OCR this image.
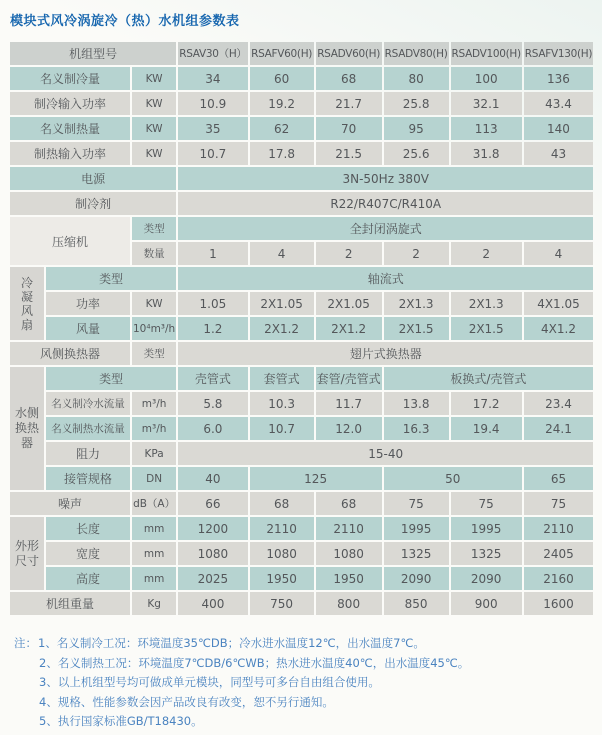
模块式风冷涡旋冷（热）水机组参数表
机组型号			RSAV30（H）	RSAFV60(H)	RSADV60(H)	RSADV80(H)	RSADV100(H)	RSAFV130(H)
名义制冷量		KW	34	60	68	80	100	136
制冷输入功率		KW	10.9	19.2	21.7	25.8	32.1	43.4
名义制热量		KW	35	62	70	95	113	140
制热输入功率		KW	10.7	17.8	21.5	25.6	31.8	43
电源			3N-50Hz 380V					
制冷剂			R22/R407C/R410A					
压缩机		类型	全封闭涡旋式					
		数量	1	4	2	2	2	4
冷凝风扇	类型		轴流式					
	功率	KW	1.05	2X1.05	2X1.05	2X1.3	2X1.3	4X1.05
	风量	10⁴m³/h	1.2	2X1.2	2X1.2	2X1.5	2X1.5	4X1.2
风侧换热器		类型	翅片式换热器					
水侧换热器	类型		壳管式	套管式	套管/壳管式	板换式/壳管式		
	名义制冷水流量	m³/h	5.8	10.3	11.7	13.8	17.2	23.4
	名义制热水流量	m³/h	6.0	10.7	12.0	16.3	19.4	24.1
	阻力	KPa	15-40					
	接管规格	DN	40	125		50		65
噪声		dB（A）	66	68	68	75	75	75
外形尺寸	长度	mm	1200	2110	2110	1995	1995	2110
	宽度	mm	1080	1080	1080	1325	1325	2405
	高度	mm	2025	1950	1950	2090	2090	2160
机组重量		Kg	400	750	800	850	900	1600
注：1、名义制冷工况：环境温度35℃DB；冷水进水温度12℃，出水温度7℃。
2、名义制热工况：环境温度7℃DB/6℃WB；热水进水温度40℃，出水温度45℃。
3、以上机组型号均可做成单元模块，同型号可多台自由组合使用。
4、规格、性能参数会因产品改良有改变，恕不另行通知。
5、执行国家标准GB/T18430。
